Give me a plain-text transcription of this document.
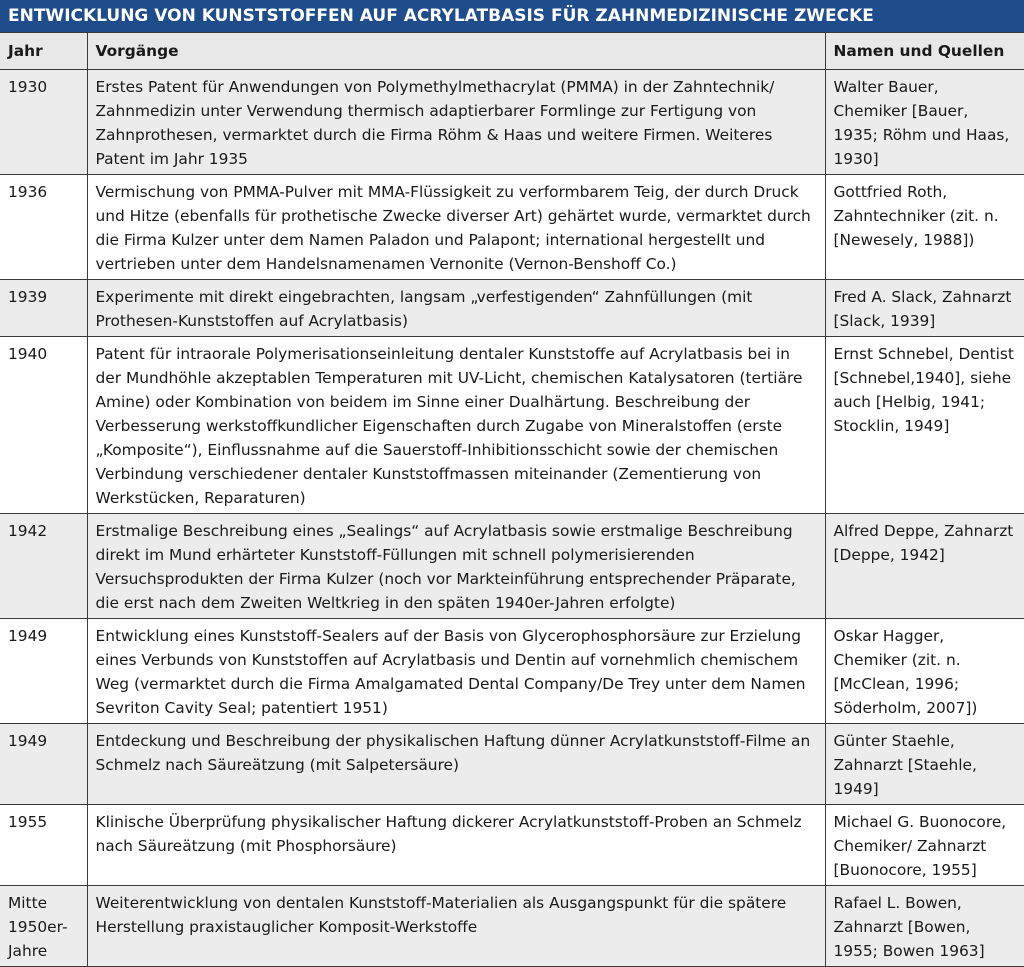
ENTWICKLUNG VON KUNSTSTOFFEN AUF ACRYLATBASIS FÜR ZAHNMEDIZINISCHE ZWECKE
Jahr	Vorgänge	Namen und Quellen
1930	Erstes Patent für Anwendungen von Polymethylmethacrylat (PMMA) in der Zahntechnik/ Zahnmedizin unter Verwendung thermisch adaptierbarer Formlinge zur Fertigung von Zahnprothesen, vermarktet durch die Firma Röhm & Haas und weitere Firmen. Weiteres Patent im Jahr 1935	Walter Bauer, Chemiker [Bauer, 1935; Röhm und Haas, 1930]
1936	Vermischung von PMMA-Pulver mit MMA-Flüssigkeit zu verformbarem Teig, der durch Druck und Hitze (ebenfalls für prothetische Zwecke diverser Art) gehärtet wurde, vermarktet durch die Firma Kulzer unter dem Namen Paladon und Palapont; international hergestellt und vertrieben unter dem Handelsnamenamen Vernonite (Vernon-Benshoff Co.)	Gottfried Roth, Zahntechniker (zit. n. [Newesely, 1988])
1939	Experimente mit direkt eingebrachten, langsam „verfestigenden“ Zahnfüllungen (mit Prothesen-Kunststoffen auf Acrylatbasis)	Fred A. Slack, Zahnarzt [Slack, 1939]
1940	Patent für intraorale Polymerisationseinleitung dentaler Kunststoffe auf Acrylatbasis bei in der Mundhöhle akzeptablen Temperaturen mit UV-Licht, chemischen Katalysatoren (tertiäre Amine) oder Kombination von beidem im Sinne einer Dualhärtung. Beschreibung der Verbesserung werkstoffkundlicher Eigenschaften durch Zugabe von Mineralstoffen (erste „Komposite“), Einflussnahme auf die Sauerstoff-Inhibitionsschicht sowie der chemischen Verbindung verschiedener dentaler Kunststoffmassen miteinander (Zementierung von Werkstücken, Reparaturen)	Ernst Schnebel, Dentist [Schnebel,1940], siehe auch [Helbig, 1941; Stocklin, 1949]
1942	Erstmalige Beschreibung eines „Sealings“ auf Acrylatbasis sowie erstmalige Beschreibung direkt im Mund erhärteter Kunststoff-Füllungen mit schnell polymerisierenden Versuchsprodukten der Firma Kulzer (noch vor Markteinführung entsprechender Präparate, die erst nach dem Zweiten Weltkrieg in den späten 1940er-Jahren erfolgte)	Alfred Deppe, Zahnarzt [Deppe, 1942]
1949	Entwicklung eines Kunststoff-Sealers auf der Basis von Glycerophosphorsäure zur Erzielung eines Verbunds von Kunststoffen auf Acrylatbasis und Dentin auf vornehmlich chemischem Weg (vermarktet durch die Firma Amalgamated Dental Company/De Trey unter dem Namen Sevriton Cavity Seal; patentiert 1951)	Oskar Hagger, Chemiker (zit. n. [McClean, 1996; Söderholm, 2007])
1949	Entdeckung und Beschreibung der physikalischen Haftung dünner Acrylatkunststoff-Filme an Schmelz nach Säureätzung (mit Salpetersäure)	Günter Staehle, Zahnarzt [Staehle, 1949]
1955	Klinische Überprüfung physikalischer Haftung dickerer Acrylatkunststoff-Proben an Schmelz nach Säureätzung (mit Phosphorsäure)	Michael G. Buonocore, Chemiker/ Zahnarzt [Buonocore, 1955]
Mitte 1950er-Jahre	Weiterentwicklung von dentalen Kunststoff-Materialien als Ausgangspunkt für die spätere Herstellung praxistauglicher Komposit-Werkstoffe	Rafael L. Bowen, Zahnarzt [Bowen, 1955; Bowen 1963]
